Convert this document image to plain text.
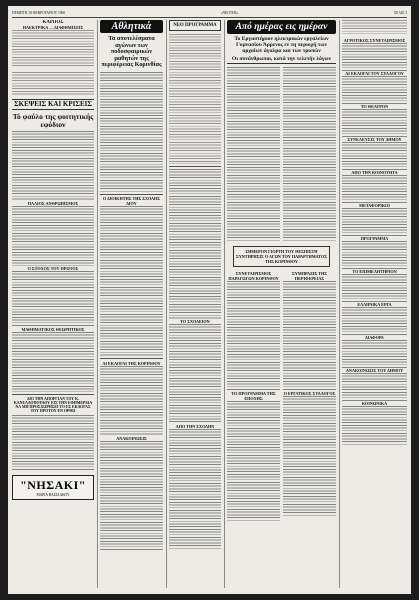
ΠΕΜΠΤΗ 18 ΦΕΒΡΟΥΑΡΙΟΥ 1960	«ΝΕΟΤΗΣ»	ΣΕΛΙΣ 3
ΚΑΡΠΟΣ
ΗΛΕΚΤΡΙΚΑ — ΔΙΑΦΗΜΙΣΕΙΣ
ΣΚΕΨΕΙΣ ΚΑΙ ΚΡΙΣΕΙΣ
Τό φαύλο της φοιτητικής εφόδιον
ΠΑΛΙΟΣ ΑΝΘΡΩΠΙΣΜΟΣ
Ο ΣΤΟΧΟΣ ΤΟΥ ΠΡΩΤΟΣ
ΜΑΘΗΜΑΤΙΚΟΣ ΘΕΩΡΗΤΙΚΟΣ
ΔΙΟ ΤΗΝ ΑΠΟΡΓΙΑΝ ΤΟΥ Κ. ΚΑΝΕΛΛΟΠΟΥΛΟΥ ΕΙΣ ΤΗΝ ΕΦΗΜΕΡΙΔΑ ΝΑ ΜΗ ΠΡΟΣΧΩΡΗΣΕΙ ΤΟ ΕΣ ΕΚΛΟΓΑΣ ΤΟΥ ΠΡΟΤΟΥ ΕΝ ΟΡΘΩ
"ΝΗΣΑΚΙ"
ΜΑΡΙΑ ΒΑΣΙΛΑΚΟΥ
Αθλητικά
Τα αποτελέσματα αγώνων των ποδοσφαιρικών μαθητών της περιφέρειας Κορινθίας
Ο ΔΙΟΙΚΗΤΗΣ ΤΗΣ ΣΧΟΛΗΣ ΔΙΟΥ
ΑΙ ΕΚΛΟΓΑΙ ΤΗΣ ΚΟΡΙΝΘΟΥ
ΑΝΑΚΟΙΝΩΣΙΣ
ΝΕΟ ΠΡΟΓΡΑΜΜΑ
ΤΟ ΣΧΟΛΕΙΟΝ
ΑΠΟ ΤΗΝ ΣΧΟΛΗΝ
Από ημέρας εις ημέραν
Το Εργαστήριον ηλεκτρικών εργαλείων Γυμνασίου Άρρενος εν τη περιοχή των αρχαίων άγαλμα και των τροπών
Οι συνάνθρωποι, κατά την τελετήν λόγων
ΣΗΜΕΡΟΝ ΓΙΟΡΤΗ ΤΟΥ ΘΕΣΠΙΣΤΗ ΣΥΝΤΗΡΗΣΙΣ Ο ΑΓΩΝ ΤΟΥ ΠΑΡΑΡΤΗΜΑΤΟΣ ΤΗΣ ΚΟΡΙΝΘΟΥ
ΣΥΝΕΤΑΙΡΙΣΜΟΣ ΠΑΡΑΓΩΓΩΝ ΚΟΡΙΝΘΟΥ
ΤΟ ΠΡΟΓΡΑΜΜΑ ΤΗΣ ΕΠΟΧΗΣ
ΣΥΜΠΡΑΞΙΣ ΤΗΣ ΠΕΡΙΦΕΡΕΙΑΣ
Ο ΕΡΓΑΤΙΚΟΣ ΣΥΛΛΟΓΟΣ
ΑΓΡΟΤΙΚΟΣ ΣΥΝΕΤΑΙΡΙΣΜΟΣ
ΑΙ ΕΚΛΟΓΑΙ ΤΟΥ ΣΥΛΛΟΓΟΥ
ΤΟ ΘΕΑΤΡΟΝ
ΣΥΝΕΛΕΥΣΙΣ ΤΟΥ ΔΗΜΟΥ
ΑΠΟ ΤΗΝ ΚΟΙΝΟΤΗΤΑ
ΜΕΤΑΦΟΡΙΚΟΙ
ΠΡΟΓΡΑΜΜΑ
ΤΟ ΕΠΙΜΕΛΗΤΗΡΙΟΝ
ΕΛΛΗΝΙΚΑ ΕΡΓΑ
ΔΙΑΦΟΡΑ
ΑΝΑΚΟΙΝΩΣΙΣ ΤΟΥ ΔΗΜΟΥ
ΚΟΙΝΩΝΙΚΑ
